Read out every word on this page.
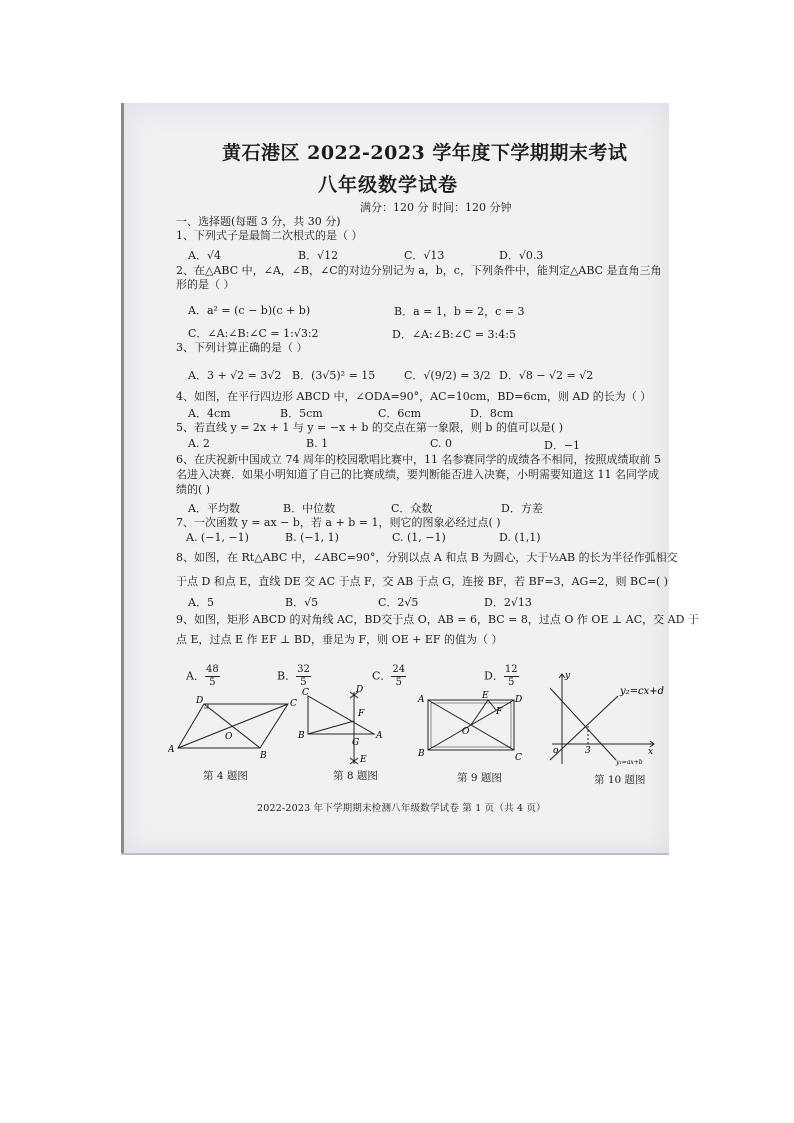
黄石港区 2022-2023 学年度下学期期末考试
八年级数学试卷
满分：120 分 时间：120 分钟
一、选择题(每题 3 分，共 30 分)
1、下列式子是最简二次根式的是（ ）
A．√4	B．√12	C．√13	D．√0.3
2、在△ABC 中，∠A，∠B，∠C的对边分别记为 a，b，c，下列条件中，能判定△ABC 是直角三角
形的是（ ）
A．a² = (c − b)(c + b)	B．a = 1，b = 2，c = 3
C．∠A:∠B:∠C = 1:√3:2	D．∠A:∠B:∠C = 3:4:5
3、下列计算正确的是（ ）
A．3 + √2 = 3√2 B．(3√5)² = 15	C．√(9/2) = 3/2 D．√8 − √2 = √2
4、如图，在平行四边形 ABCD 中，∠ODA=90°，AC=10cm，BD=6cm，则 AD 的长为（ ）
A．4cm	B．5cm	C．6cm	D．8cm
5、若直线 y = 2x + 1 与 y = −x + b 的交点在第一象限，则 b 的值可以是( )
A. 2	B. 1	C. 0	D．−1
6、在庆祝新中国成立 74 周年的校园歌唱比赛中，11 名参赛同学的成绩各不相同，按照成绩取前 5
名进入决赛．如果小明知道了自己的比赛成绩，要判断能否进入决赛，小明需要知道这 11 名同学成
绩的( )
A．平均数	B．中位数	C．众数	D．方差
7、一次函数 y = ax − b，若 a + b = 1，则它的图象必经过点( )
A. (−1, −1)	B. (−1, 1)	C. (1, −1)	D. (1,1)
8、如图，在 Rt△ABC 中，∠ABC=90°，分别以点 A 和点 B 为圆心，大于½AB 的长为半径作弧相交
于点 D 和点 E，直线 DE 交 AC 于点 F，交 AB 于点 G，连接 BF，若 BF=3，AG=2，则 BC=( )
A．5	B．√5	C．2√5	D．2√13
9、如图，矩形 ABCD 的对角线 AC，BD交于点 O，AB = 6，BC = 8，过点 O 作 OE ⊥ AC，交 AD 于
点 E，过点 E 作 EF ⊥ BD，垂足为 F，则 OE + EF 的值为（ ）
A． $\frac{48}{5}$	B． $\frac{32}{5}$	C． $\frac{24}{5}$	D． $\frac{12}{5}$
A
B
C
D
O
第 4 题图
C
B	A
D
F
G
E
第 8 题图
A
B	C
D
E
F
O
第 9 题图
y
x
o	3
y₂=cx+d
y₁=ax+b
第 10 题图
2022-2023 年下学期期末检测八年级数学试卷 第 1 页（共 4 页）
